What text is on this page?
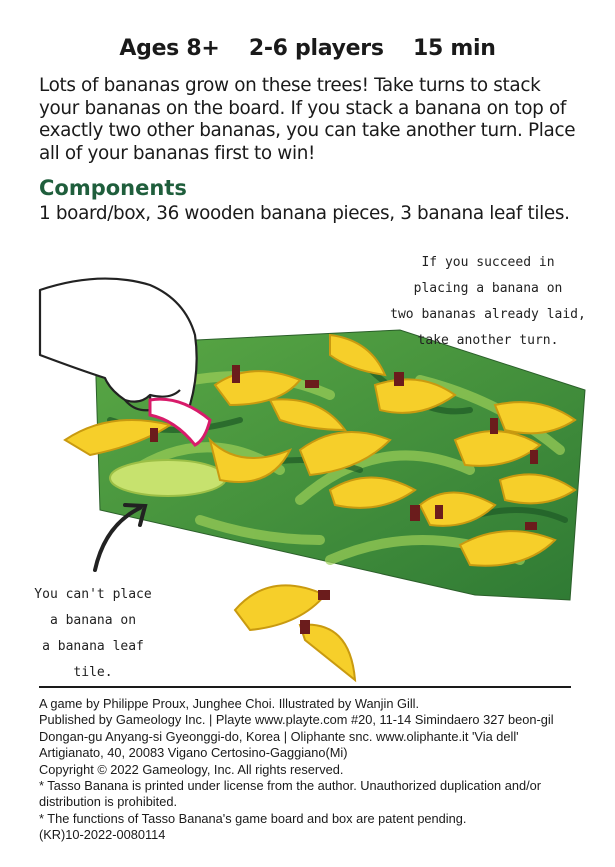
Ages 8+ 2-6 players 15 min

Lots of bananas grow on these trees! Take turns to stack your bananas on the board. If you stack a banana on top of exactly two other bananas, you can take another turn. Place all of your bananas first to win!

Components

1 board/box, 36 wooden banana pieces, 3 banana leaf tiles.

If you succeed in
placing a banana on
two bananas already laid,
take another turn.
You can't place
a banana on
a banana leaf tile.
A game by Philippe Proux, Junghee Choi. Illustrated by Wanjin Gill.
Published by Gameology Inc. | Playte www.playte.com #20, 11-14 Simindaero 327 beon-gil Dongan-gu Anyang-si Gyeonggi-do, Korea | Oliphante snc. www.oliphante.it 'Via dell' Artigianato, 40, 20083 Vigano Certosino-Gaggiano(Mi)
Copyright © 2022 Gameology, Inc. All rights reserved.
* Tasso Banana is printed under license from the author. Unauthorized duplication and/or distribution is prohibited.
* The functions of Tasso Banana's game board and box are patent pending.
(KR)10-2022-0080114
